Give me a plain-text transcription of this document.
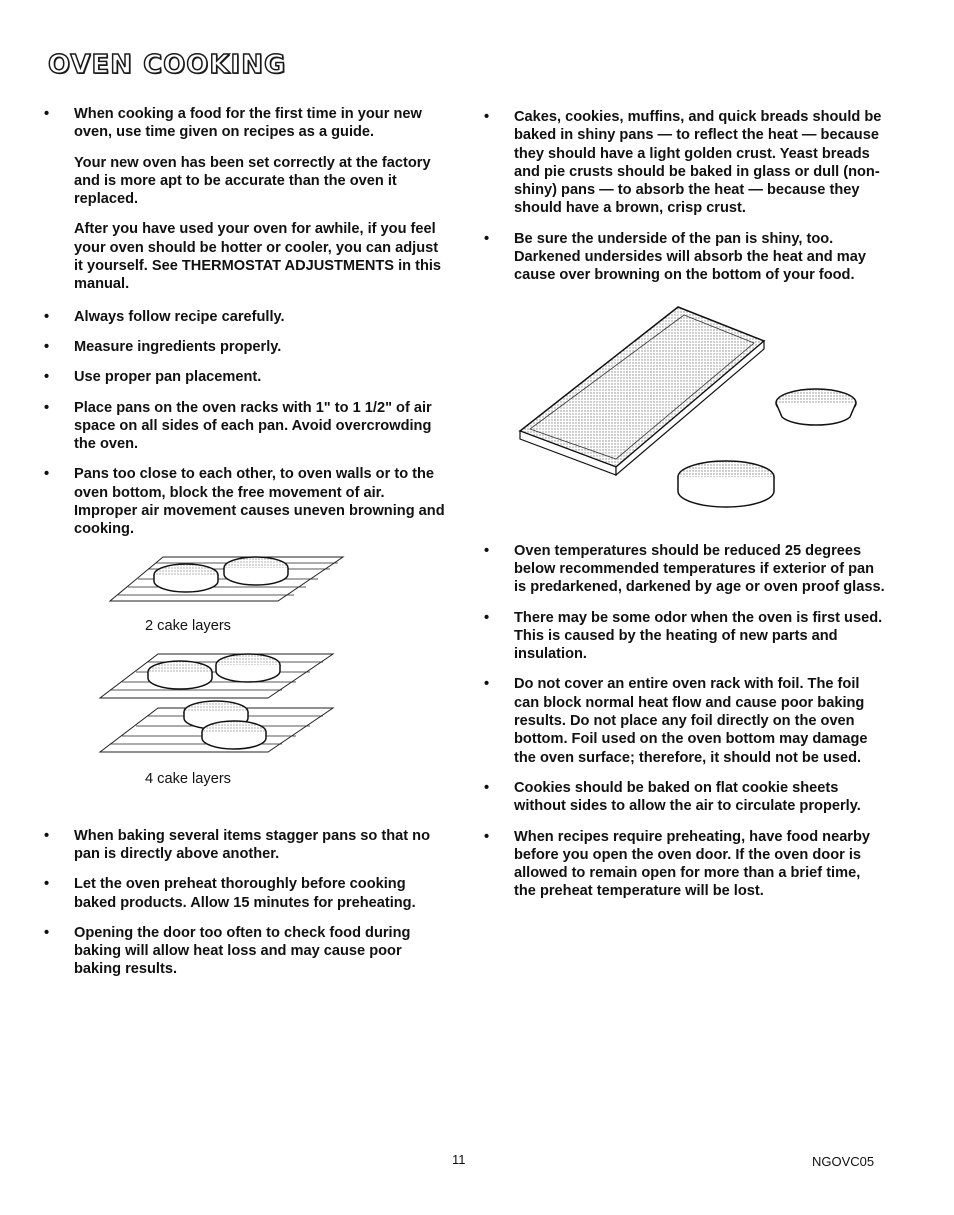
OVEN COOKING
• When cooking a food for the first time in your new oven, use time given on recipes as a guide.

Your new oven has been set correctly at the factory and is more apt to be accurate than the oven it replaced.

After you have used your oven for awhile, if you feel your oven should be hotter or cooler, you can adjust it yourself. See THERMOSTAT ADJUSTMENTS in this manual.

• Always follow recipe carefully.
• Measure ingredients properly.
• Use proper pan placement.
• Place pans on the oven racks with 1" to 1 1/2" of air space on all sides of each pan. Avoid overcrowding the oven.
• Pans too close to each other, to oven walls or to the oven bottom, block the free movement of air. Improper air movement causes uneven browning and cooking.
2 cake layers
4 cake layers
• When baking several items stagger pans so that no pan is directly above another.
• Let the oven preheat thoroughly before cooking baked products. Allow 15 minutes for preheating.
• Opening the door too often to check food during baking will allow heat loss and may cause poor baking results.
• Cakes, cookies, muffins, and quick breads should be baked in shiny pans — to reflect the heat — because they should have a light golden crust. Yeast breads and pie crusts should be baked in glass or dull (non-shiny) pans — to absorb the heat — because they should have a brown, crisp crust.
• Be sure the underside of the pan is shiny, too. Darkened undersides will absorb the heat and may cause over browning on the bottom of your food.
• Oven temperatures should be reduced 25 degrees below recommended temperatures if exterior of pan is predarkened, darkened by age or oven proof glass.
• There may be some odor when the oven is first used. This is caused by the heating of new parts and insulation.
• Do not cover an entire oven rack with foil. The foil can block normal heat flow and cause poor baking results. Do not place any foil directly on the oven bottom. Foil used on the oven bottom may damage the oven surface; therefore, it should not be used.
• Cookies should be baked on flat cookie sheets without sides to allow the air to circulate properly.
• When recipes require preheating, have food nearby before you open the oven door. If the oven door is allowed to remain open for more than a brief time, the preheat temperature will be lost.
11	NGOVC05
